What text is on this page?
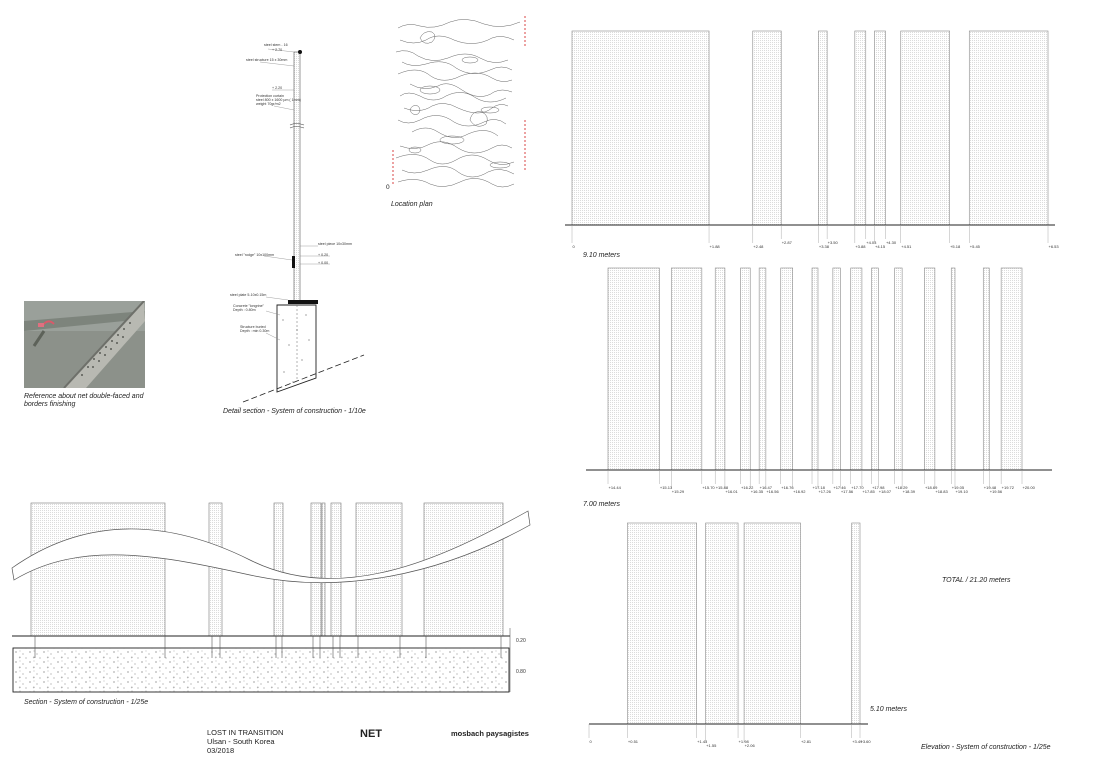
steel stem - 16
+ 2.70
steel structure 15 x 30mm
+ 2.20
Protection curtain
steel 800 x 1600 µm ( 1mm)
weight 70gr/m2
steel piece 10x30mm
+ 0.20
+ 0.00
steel "rodge" 10x100mm
steel plate 5-10x0.15m
Concrete "longrine"
Depth : 0.80m
Structure buried
Depth : min 0.30m
0.20
0.80
0	+1.88	+2.48
+2.87
+3.38
+3.50
+3.88
+4.03
+4.15
+4.30
+4.51	+5.18 +5.45	+6.53
+14.44	+15.13
+15.29
+15.70 +15.88
+16.01
+16.22
+16.35
+16.47
+16.56
+16.76
+16.92
+17.18
+17.26
+17.46
+17.56
+17.70
+17.85
+17.98
+18.07
+18.29
+18.39
+18.69
+18.83
+19.05
+19.10
+19.48
+19.56
+19.72 +20.00
0	+0.51	+1.43
+1.55
+1.98
+2.06
+2.81	+3.49
+3.60
Reference about net double-faced and
borders finishing
Detail section - System of construction - 1/10e
Location plan
0
Section - System of construction - 1/25e
Elevation - System of construction - 1/25e
TOTAL / 21.20 meters
9.10 meters
7.00 meters
5.10 meters
LOST IN TRANSITION
Ulsan - South Korea
03/2018
NET	mosbach paysagistes
